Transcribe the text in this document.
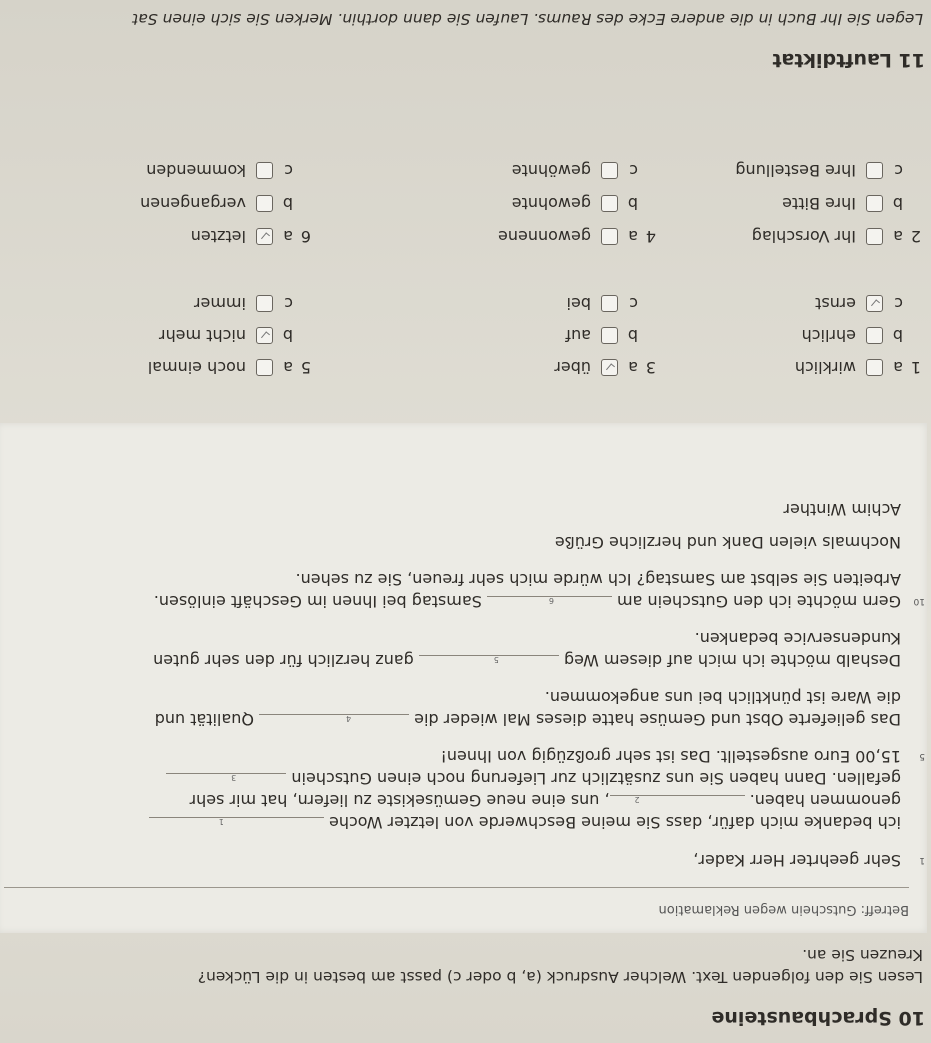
10 Sprachbausteine
Lesen Sie den folgenden Text. Welcher Ausdruck (a, b oder c) passt am besten in die Lücken?
Kreuzen Sie an.
Betreff: Gutschein wegen Reklamation
1
Sehr geehrter Herr Kader,
ich bedanke mich dafür, dass Sie meine Beschwerde von letzter Woche
1
genommen haben.
2
, uns eine neue Gemüsekiste zu liefern, hat mir sehr
gefallen. Dann haben Sie uns zusätzlich zur Lieferung noch einen Gutschein
3
5
15,00 Euro ausgestellt. Das ist sehr großzügig von Ihnen!
Das gelieferte Obst und Gemüse hatte dieses Mal wieder die
4
Qualität und
die Ware ist pünktlich bei uns angekommen.
Deshalb möchte ich mich auf diesem Weg
5
ganz herzlich für den sehr guten
Kundenservice bedanken.
10
Gern möchte ich den Gutschein am
6
Samstag bei Ihnen im Geschäft einlösen.
Arbeiten Sie selbst am Samstag? Ich würde mich sehr freuen, Sie zu sehen.
Nochmals vielen Dank und herzliche Grüße
Achim Winther
1
a
wirklich
b
ehrlich
c
ernst
2
a
Ihr Vorschlag
b
Ihre Bitte
c
Ihre Bestellung
3
a
über
b
auf
c
bei
4
a
gewonnene
b
gewohnte
c
gewöhnte
5
a
noch einmal
b
nicht mehr
c
immer
6
a
letzten
b
vergangenen
c
kommenden
11 Lauftdiktat
Legen Sie Ihr Buch in die andere Ecke des Raums. Laufen Sie dann dorthin. Merken Sie sich einen Sat
